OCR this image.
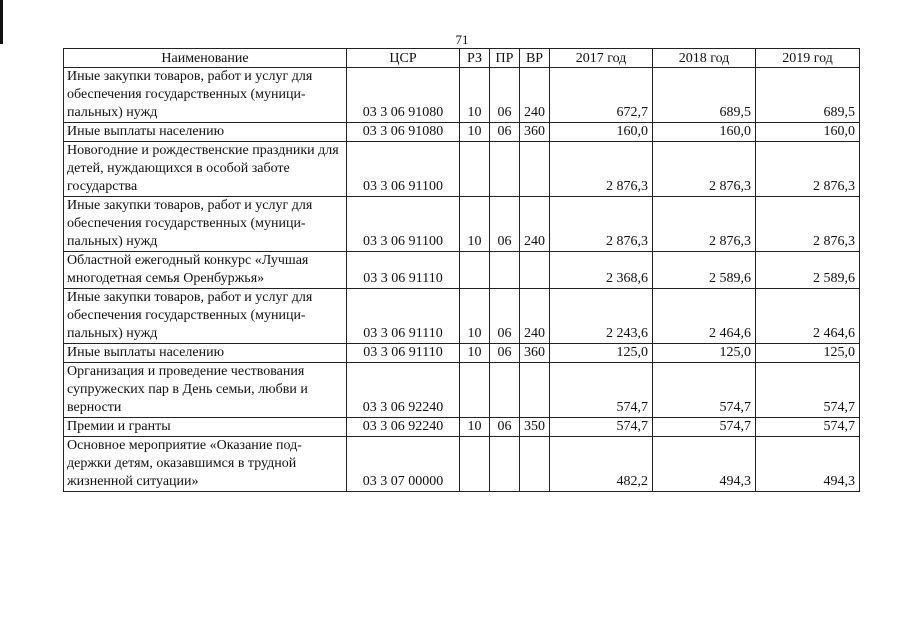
71
Наименование	ЦСР	РЗ	ПР	ВР	2017 год	2018 год	2019 год
Иные закупки товаров, работ и услуг для обеспечения государственных (муници-пальных) нужд	03 3 06 91080	10	06	240	672,7	689,5	689,5
Иные выплаты населению	03 3 06 91080	10	06	360	160,0	160,0	160,0
Новогодние и рождественские праздники для детей, нуждающихся в особой заботе государства	03 3 06 91100				2 876,3	2 876,3	2 876,3
Иные закупки товаров, работ и услуг для обеспечения государственных (муници-пальных) нужд	03 3 06 91100	10	06	240	2 876,3	2 876,3	2 876,3
Областной ежегодный конкурс «Лучшая многодетная семья Оренбуржья»	03 3 06 91110				2 368,6	2 589,6	2 589,6
Иные закупки товаров, работ и услуг для обеспечения государственных (муници-пальных) нужд	03 3 06 91110	10	06	240	2 243,6	2 464,6	2 464,6
Иные выплаты населению	03 3 06 91110	10	06	360	125,0	125,0	125,0
Организация и проведение чествования супружеских пар в День семьи, любви и верности	03 3 06 92240				574,7	574,7	574,7
Премии и гранты	03 3 06 92240	10	06	350	574,7	574,7	574,7
Основное мероприятие «Оказание под-держки детям, оказавшимся в трудной жизненной ситуации»	03 3 07 00000				482,2	494,3	494,3
